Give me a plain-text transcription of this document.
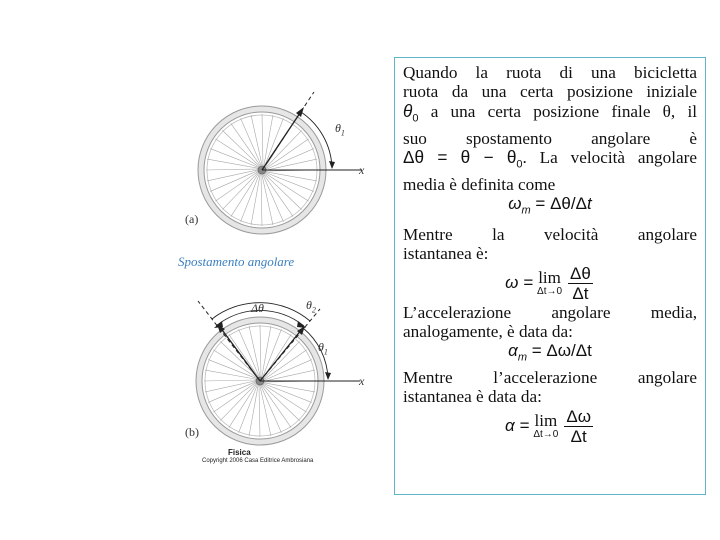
(a)
(b)
Spostamento angolare
Fisica
Copyright 2006 Casa Editrice Ambrosiana
$\theta_1$
x
Δθ	$\theta_2$
$\theta_1$
x

Quando la ruota di una bicicletta

ruota da una certa posizione iniziale

$\theta_0$ a una certa posizione finale θ, il

suo spostamento angolare è

$\Delta\theta = \theta - \theta_0$. La velocità angolare

media è definita come

$\omega_m = \Delta\theta/\Delta t$

Mentre la velocità angolare

istantanea è:

ω = lim
$\Delta t\to 0 \frac{\Delta\theta}{\Delta t}$

L’accelerazione angolare media,

analogamente, è data da:

$\alpha_m = \Delta\omega/\Delta t$

Mentre l’accelerazione angolare

istantanea è data da:

α = lim
$\Delta t\to 0 \frac{\Delta\omega}{\Delta t}$
